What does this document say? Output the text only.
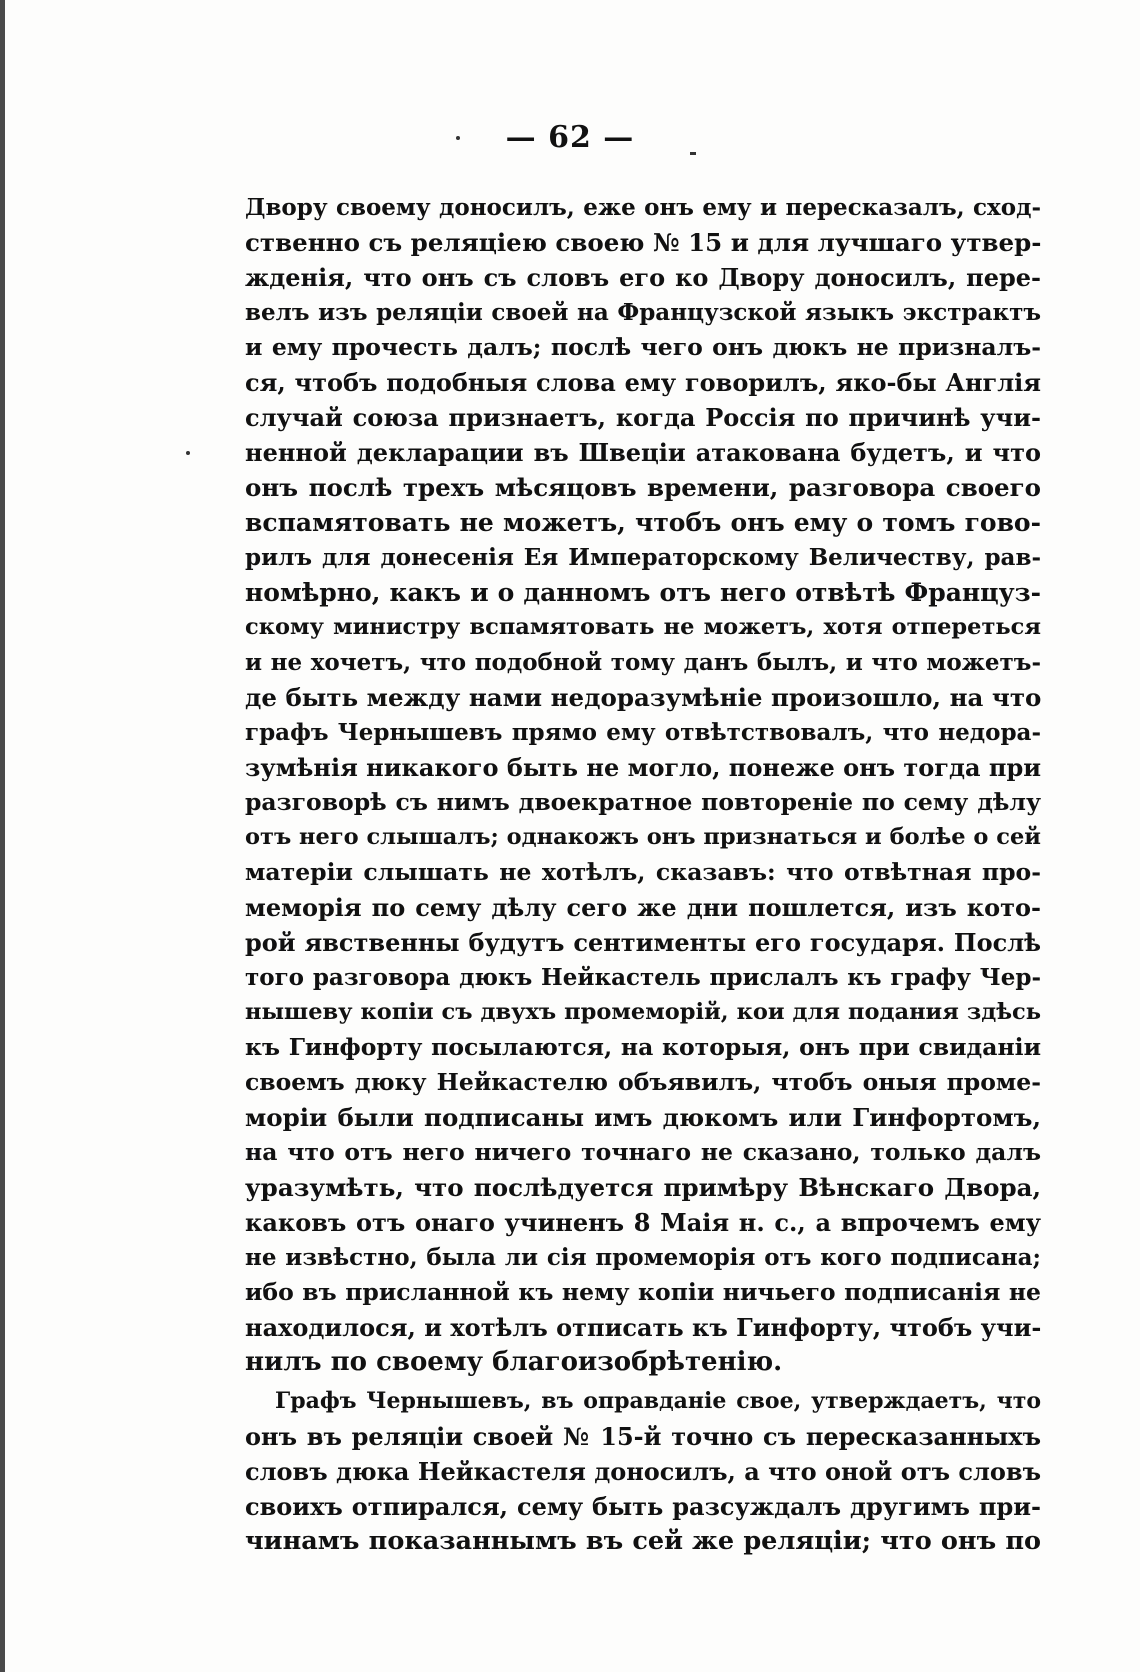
— 62 —
Двору своему доносилъ, еже онъ ему и пересказалъ, сход-
ственно съ реляціею своею № 15 и для лучшаго утвер-
жденія, что онъ съ словъ его ко Двору доносилъ, пере-
велъ изъ реляціи своей на Французской языкъ экстрактъ
и ему прочесть далъ; послѣ чего онъ дюкъ не призналъ-
ся, чтобъ подобныя слова ему говорилъ, яко-бы Англія
случай союза признаетъ, когда Россія по причинѣ учи-
ненной декларации въ Швеціи атакована будетъ, и что
онъ послѣ трехъ мѣсяцовъ времени, разговора своего
вспамятовать не можетъ, чтобъ онъ ему о томъ гово-
рилъ для донесенія Ея Императорскому Величеству, рав-
номѣрно, какъ и о данномъ отъ него отвѣтѣ Француз-
скому министру вспамятовать не можетъ, хотя отпереться
и не хочетъ, что подобной тому данъ былъ, и что можетъ-
де быть между нами недоразумѣніе произошло, на что
графъ Чернышевъ прямо ему отвѣтствовалъ, что недора-
зумѣнія никакого быть не могло, понеже онъ тогда при
разговорѣ съ нимъ двоекратное повтореніе по сему дѣлу
отъ него слышалъ; однакожъ онъ признаться и болѣе о сей
матеріи слышать не хотѣлъ, сказавъ: что отвѣтная про-
меморія по сему дѣлу сего же дни пошлется, изъ кото-
рой явственны будутъ сентименты его государя. Послѣ
того разговора дюкъ Нейкастель прислалъ къ графу Чер-
нышеву копіи съ двухъ промеморій, кои для подания здѣсь
къ Гинфорту посылаются, на которыя, онъ при свиданіи
своемъ дюку Нейкастелю объявилъ, чтобъ оныя проме-
моріи были подписаны имъ дюкомъ или Гинфортомъ,
на что отъ него ничего точнаго не сказано, только далъ
уразумѣть, что послѣдуется примѣру Вѣнскаго Двора,
каковъ отъ онаго учиненъ 8 Маія н. с., а впрочемъ ему
не извѣстно, была ли сія промеморія отъ кого подписана;
ибо въ присланной къ нему копіи ничьего подписанія не
находилося, и хотѣлъ отписать къ Гинфорту, чтобъ учи-
нилъ по своему благоизобрѣтенію.
Графъ Чернышевъ, въ оправданіе свое, утверждаетъ, что
онъ въ реляціи своей № 15-й точно съ пересказанныхъ
словъ дюка Нейкастеля доносилъ, а что оной отъ словъ
своихъ отпирался, сему быть разсуждалъ другимъ при-
чинамъ показаннымъ въ сей же реляціи; что онъ по
